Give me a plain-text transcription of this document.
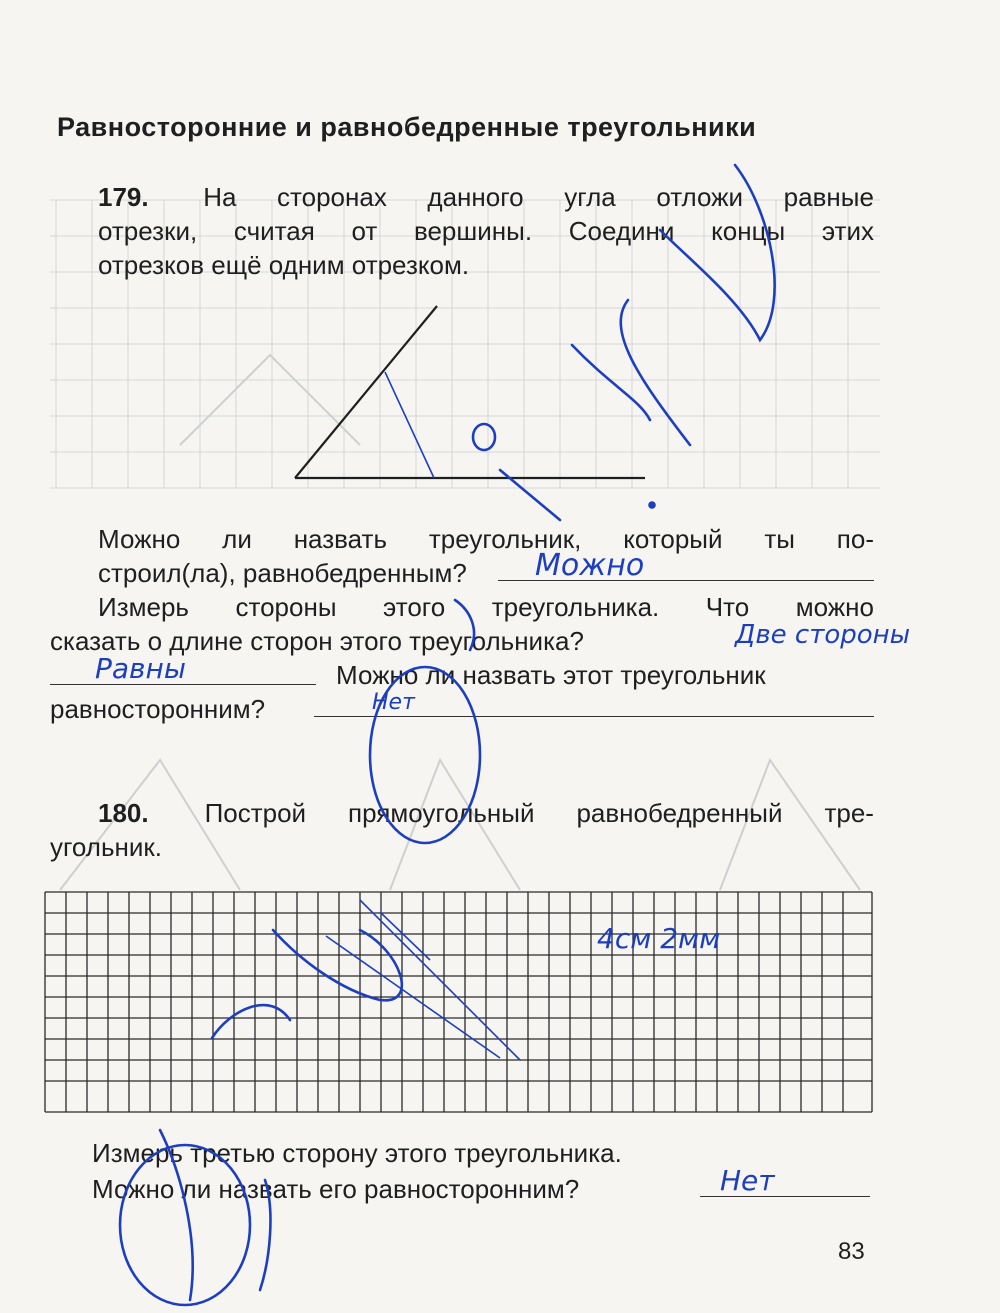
Равносторонние и равнобедренные треугольники
179. На сторонах данного угла отложи равные
отрезки, считая от вершины. Соедини концы этих
отрезков ещё одним отрезком.
Можно ли назвать треугольник, который ты по-
строил(ла), равнобедренным? Можно
Измерь стороны этого треугольника. Что можно
сказать о длине сторон этого треугольника?	Две стороны
Равны	Можно ли назвать этот треугольник
равносторонним?	Нет
180. Построй прямоугольный равнобедренный тре-
угольник.
4см 2мм
Измерь третью сторону этого треугольника.
Можно ли назвать его равносторонним?	Нет
83
